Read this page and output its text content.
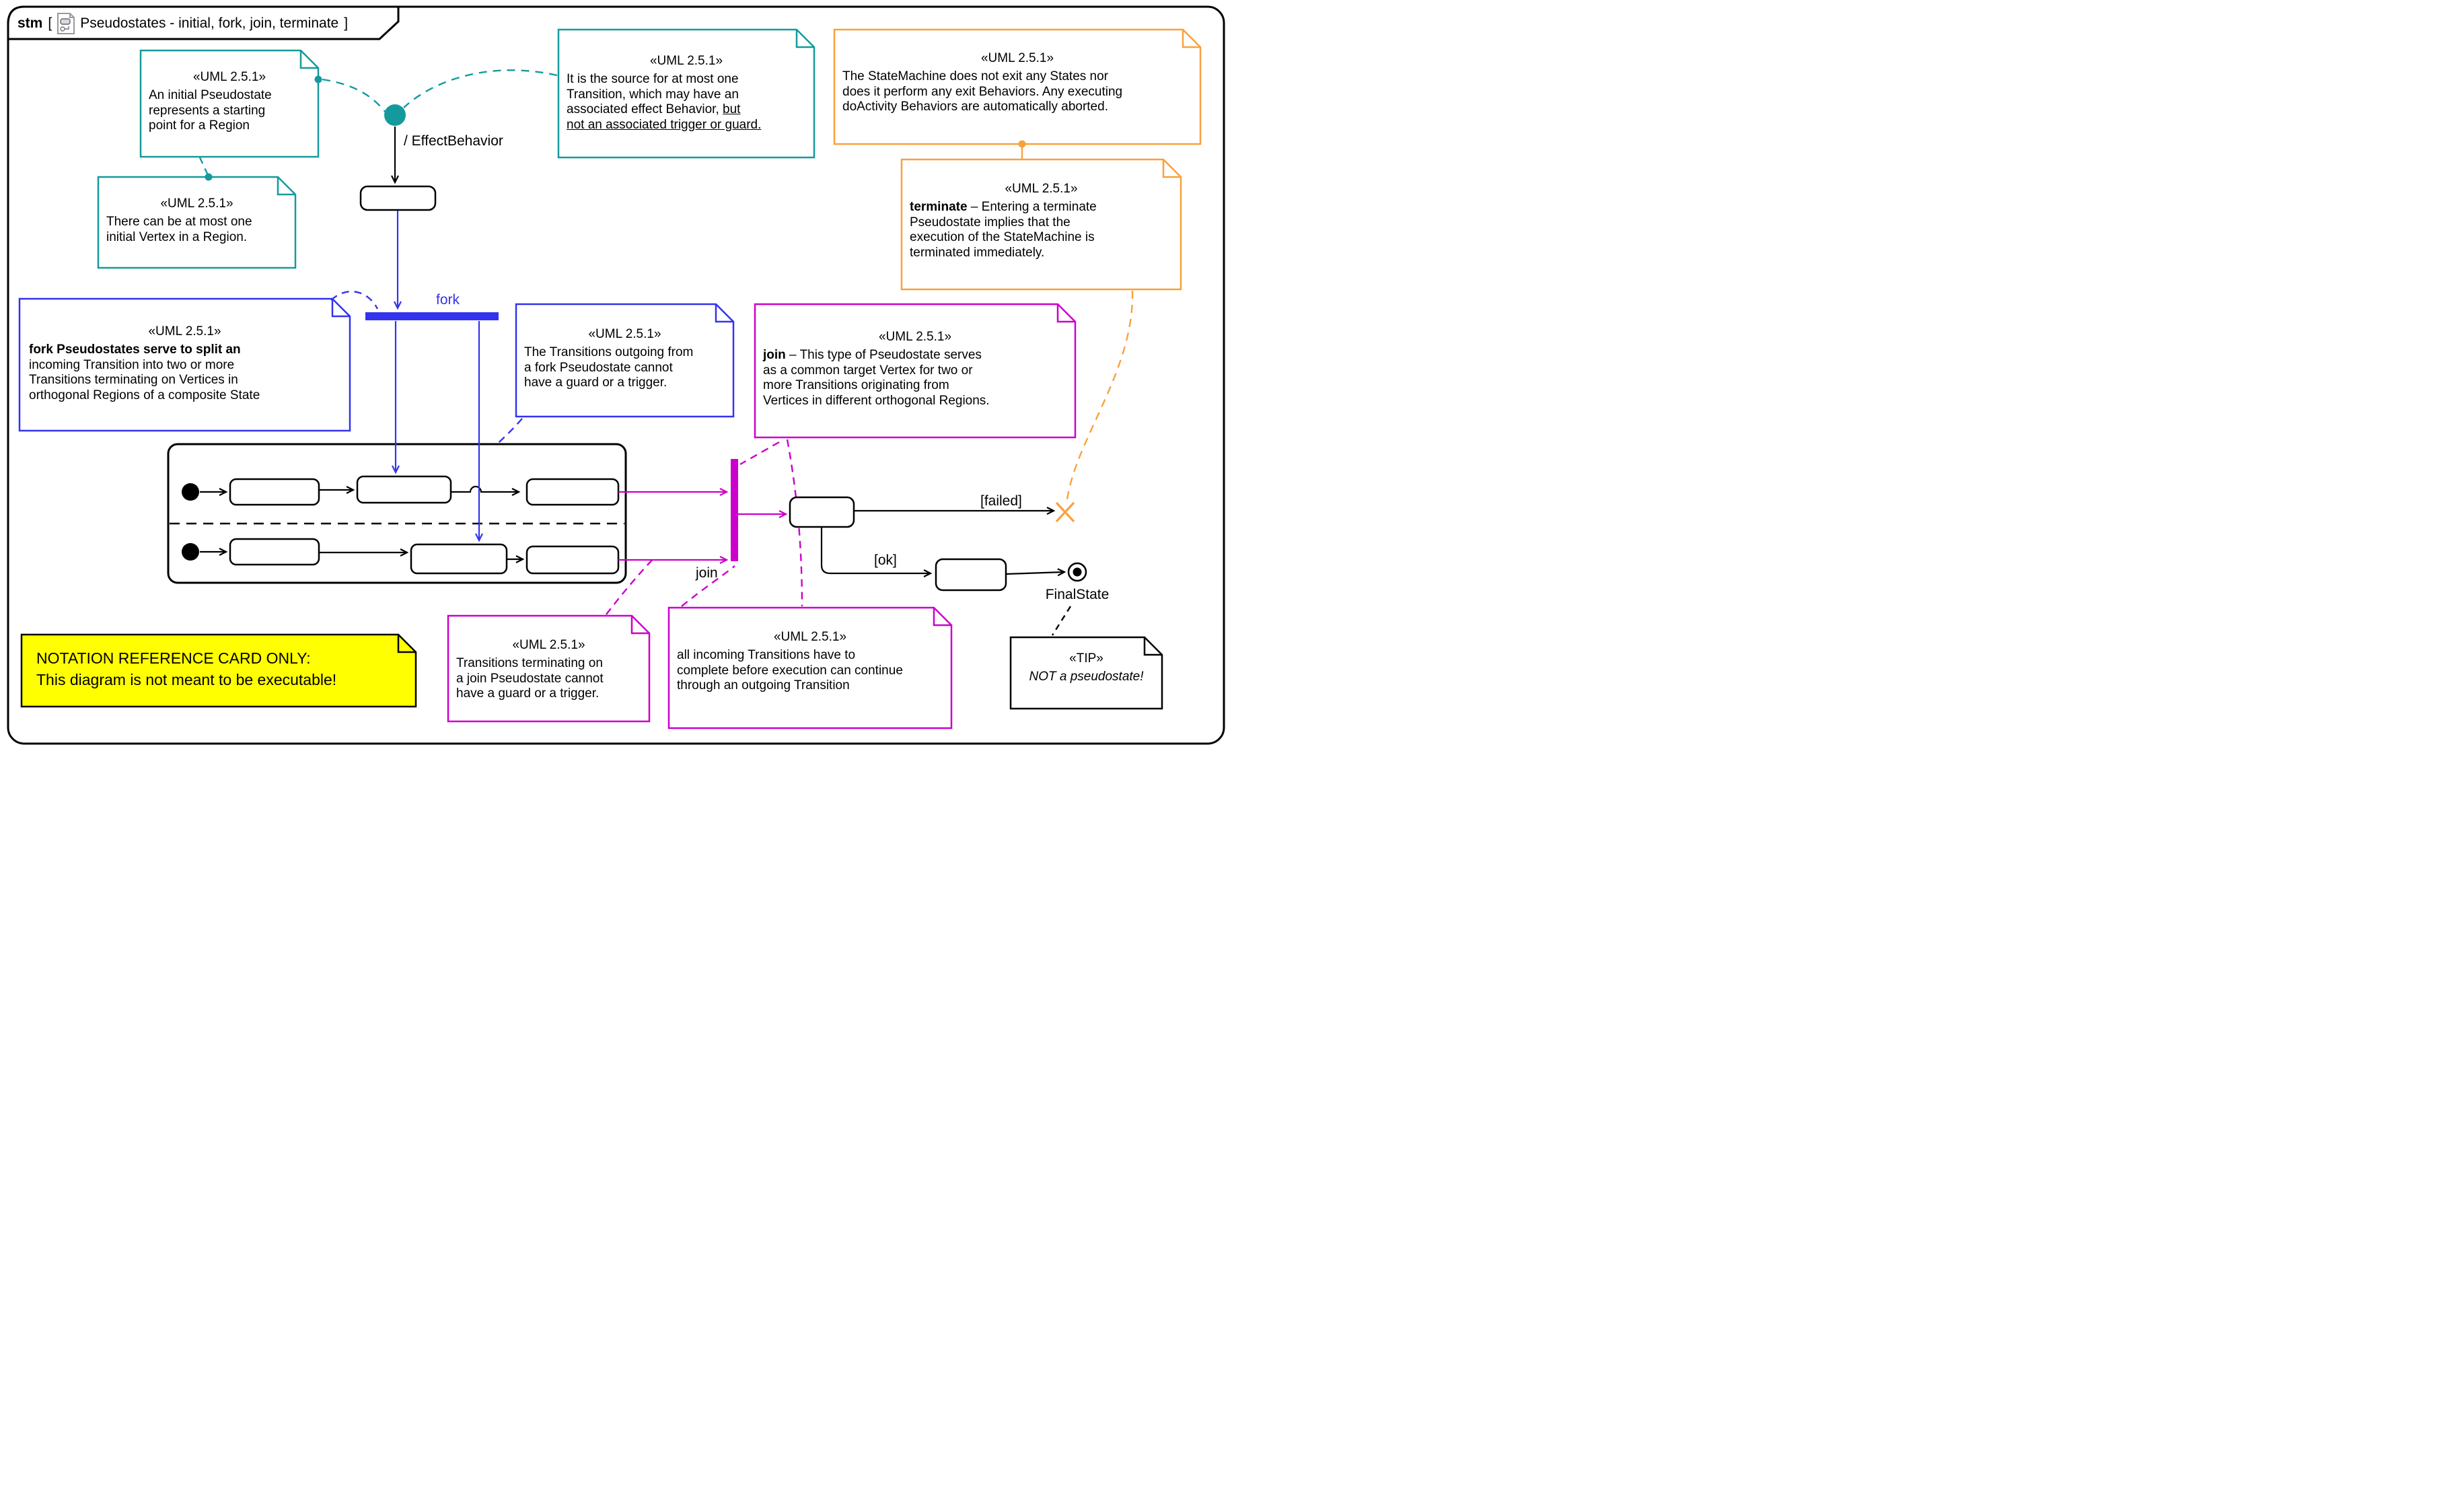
stm [ Pseudostates - initial, fork, join, terminate ]
«UML 2.5.1»
An initial Pseudostate
represents a starting
point for a Region
«UML 2.5.1»
There can be at most one
initial Vertex in a Region.
«UML 2.5.1»
It is the source for at most one
Transition, which may have an
associated effect Behavior, but
not an associated trigger or guard.
«UML 2.5.1»
The StateMachine does not exit any States nor
does it perform any exit Behaviors. Any executing
doActivity Behaviors are automatically aborted.
«UML 2.5.1»
terminate – Entering a terminate
Pseudostate implies that the
execution of the StateMachine is
terminated immediately.
«UML 2.5.1»
fork Pseudostates serve to split an
incoming Transition into two or more
Transitions terminating on Vertices in
orthogonal Regions of a composite State
«UML 2.5.1»
The Transitions outgoing from
a fork Pseudostate cannot
have a guard or a trigger.
«UML 2.5.1»
join – This type of Pseudostate serves
as a common target Vertex for two or
more Transitions originating from
Vertices in different orthogonal Regions.
«UML 2.5.1»
Transitions terminating on
a join Pseudostate cannot
have a guard or a trigger.
«UML 2.5.1»
all incoming Transitions have to
complete before execution can continue
through an outgoing Transition
«TIP»
NOT a pseudostate!
NOTATION REFERENCE CARD ONLY:
This diagram is not meant to be executable!
/ EffectBehavior
fork
join
[failed]
[ok]
FinalState
